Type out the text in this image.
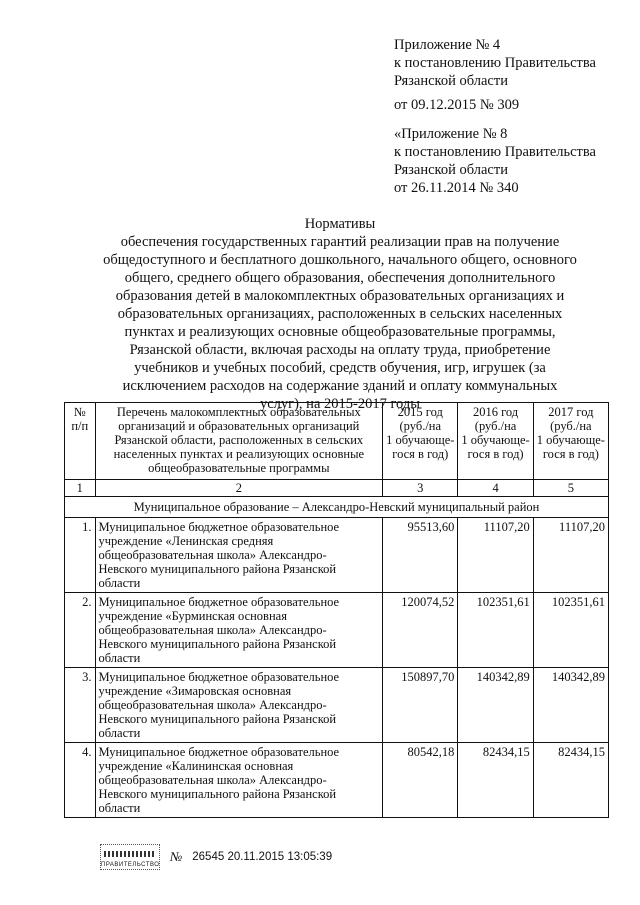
Приложение № 4
к постановлению Правительства
Рязанской области
от 09.12.2015 № 309
«Приложение № 8
к постановлению Правительства
Рязанской области
от 26.11.2014 № 340
Нормативы
обеспечения государственных гарантий реализации прав на получение
общедоступного и бесплатного дошкольного, начального общего, основного
общего, среднего общего образования, обеспечения дополнительного
образования детей в малокомплектных образовательных организациях и
образовательных организациях, расположенных в сельских населенных
пунктах и реализующих основные общеобразовательные программы,
Рязанской области, включая расходы на оплату труда, приобретение
учебников и учебных пособий, средств обучения, игр, игрушек (за
исключением расходов на содержание зданий и оплату коммунальных
услуг), на 2015-2017 годы
№
п/п	Перечень малокомплектных образовательных
организаций и образовательных организаций
Рязанской области, расположенных в сельских
населенных пунктах и реализующих основные
общеобразовательные программы	2015 год
(руб./на
1 обучающе-
гося в год)	2016 год
(руб./на
1 обучающе-
гося в год)	2017 год
(руб./на
1 обучающе-
гося в год)

1	2	3	4	5
Муниципальное образование – Александро-Невский муниципальный район				
1.	Муниципальное бюджетное образовательное
учреждение «Ленинская средняя
общеобразовательная школа» Александро-
Невского муниципального района Рязанской
области	95513,60	11107,20	11107,20
2.	Муниципальное бюджетное образовательное
учреждение «Бурминская основная
общеобразовательная школа» Александро-
Невского муниципального района Рязанской
области	120074,52	102351,61	102351,61
3.	Муниципальное бюджетное образовательное
учреждение «Зимаровская основная
общеобразовательная школа» Александро-
Невского муниципального района Рязанской
области	150897,70	140342,89	140342,89
4.	Муниципальное бюджетное образовательное
учреждение «Калининская основная
общеобразовательная школа» Александро-
Невского муниципального района Рязанской
области	80542,18	82434,15	82434,15
ПРАВИТЕЛЬСТВО
№ 26545 20.11.2015 13:05:39
